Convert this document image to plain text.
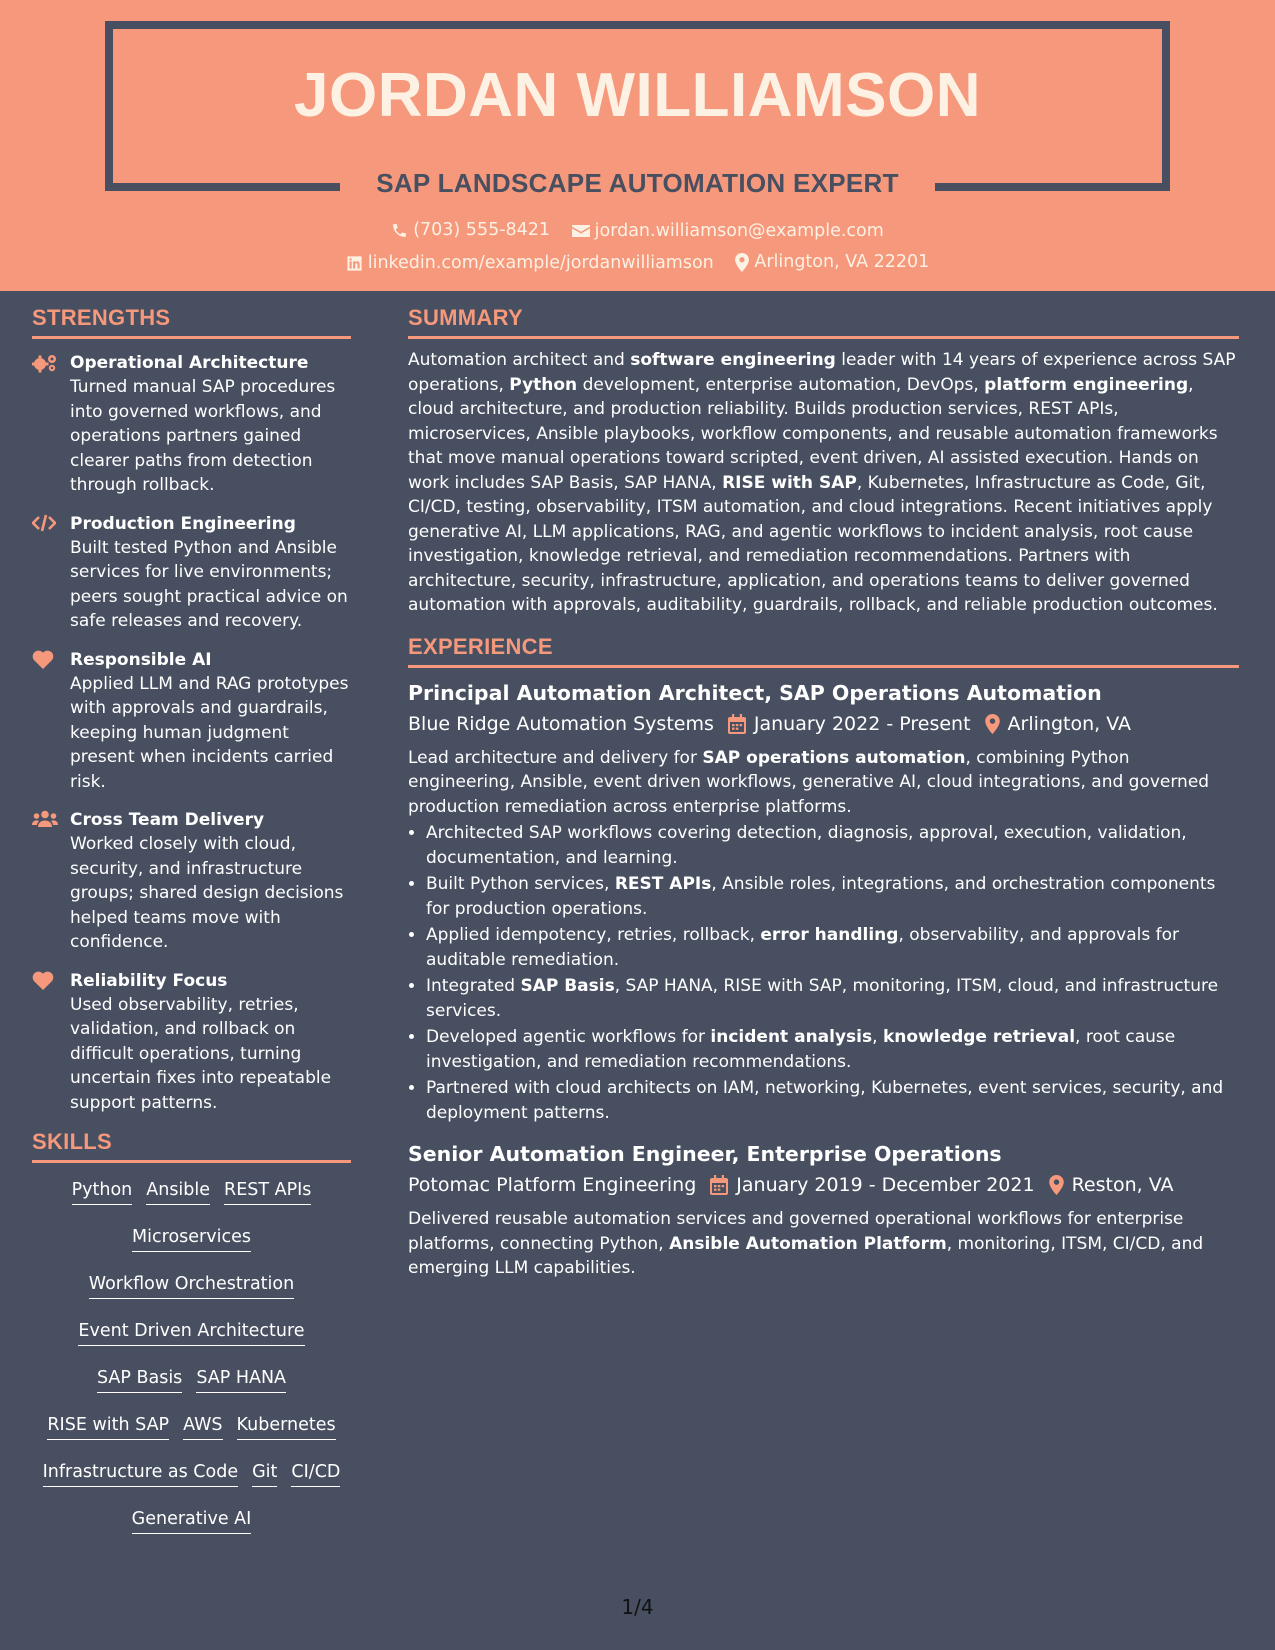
JORDAN WILLIAMSON
SAP LANDSCAPE AUTOMATION EXPERT
(703) 555-8421
	jordan.williamson@example.com
linkedin.com/example/jordanwilliamson
Arlington, VA 22201
STRENGTHS
Operational Architecture
Turned manual SAP procedures into governed workflows, and operations partners gained clearer paths from detection through rollback.
Production Engineering
Built tested Python and Ansible services for live environments; peers sought practical advice on safe releases and recovery.
Responsible AI
Applied LLM and RAG prototypes with approvals and guardrails, keeping human judgment present when incidents carried risk.
Cross Team Delivery
Worked closely with cloud, security, and infrastructure groups; shared design decisions helped teams move with confidence.
Reliability Focus
Used observability, retries, validation, and rollback on difficult operations, turning uncertain fixes into repeatable support patterns.
SKILLS
Python Ansible REST APIs
Microservices
Workflow Orchestration
Event Driven Architecture
SAP Basis SAP HANA
RISE with SAP AWS Kubernetes
Infrastructure as Code Git CI/CD
Generative AI
SUMMARY

Automation architect and software engineering leader with 14 years of experience across SAP operations, Python development, enterprise automation, DevOps, platform engineering, cloud architecture, and production reliability. Builds production services, REST APIs, microservices, Ansible playbooks, workflow components, and reusable automation frameworks that move manual operations toward scripted, event driven, AI assisted execution. Hands on work includes SAP Basis, SAP HANA, RISE with SAP, Kubernetes, Infrastructure as Code, Git, CI/CD, testing, observability, ITSM automation, and cloud integrations. Recent initiatives apply generative AI, LLM applications, RAG, and agentic workflows to incident analysis, root cause investigation, knowledge retrieval, and remediation recommendations. Partners with architecture, security, infrastructure, application, and operations teams to deliver governed automation with approvals, auditability, guardrails, rollback, and reliable production outcomes.

EXPERIENCE
Principal Automation Architect, SAP Operations Automation
Blue Ridge Automation Systems January 2022 - Present Arlington, VA

Lead architecture and delivery for SAP operations automation, combining Python engineering, Ansible, event driven workflows, generative AI, cloud integrations, and governed production remediation across enterprise platforms.

• Architected SAP workflows covering detection, diagnosis, approval, execution, validation, documentation, and learning.
• Built Python services, REST APIs, Ansible roles, integrations, and orchestration components for production operations.
• Applied idempotency, retries, rollback, error handling, observability, and approvals for auditable remediation.
• Integrated SAP Basis, SAP HANA, RISE with SAP, monitoring, ITSM, cloud, and infrastructure services.
• Developed agentic workflows for incident analysis, knowledge retrieval, root cause investigation, and remediation recommendations.
• Partnered with cloud architects on IAM, networking, Kubernetes, event services, security, and deployment patterns.
Senior Automation Engineer, Enterprise Operations
Potomac Platform Engineering January 2019 - December 2021 Reston, VA

Delivered reusable automation services and governed operational workflows for enterprise platforms, connecting Python, Ansible Automation Platform, monitoring, ITSM, CI/CD, and emerging LLM capabilities.

1/4
